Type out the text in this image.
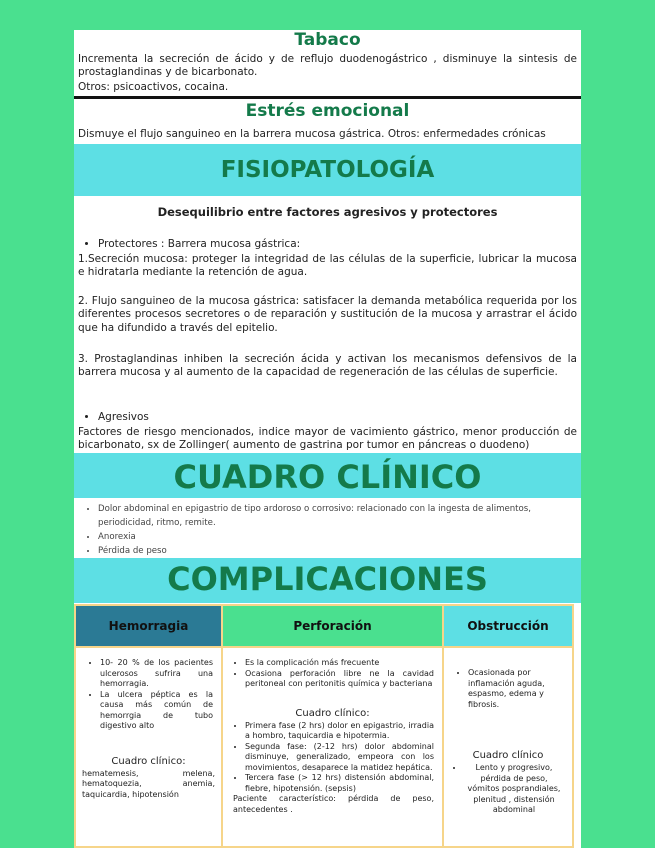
Tabaco

Incrementa la secreción de ácido y de reflujo duodenogástrico , disminuye la sintesis de prostaglandinas y de bicarbonato.

Otros: psicoactivos, cocaina.

Estrés emocional

Dismuye el flujo sanguineo en la barrera mucosa gástrica. Otros: enfermedades crónicas

FISIOPATOLOGÍA
Desequilibrio entre factores agresivos y protectores
• Protectores : Barrera mucosa gástrica:

1.Secreción mucosa: proteger la integridad de las células de la superficie, lubricar la mucosa e hidratarla mediante la retención de agua.

2. Flujo sanguineo de la mucosa gástrica: satisfacer la demanda metabólica requerida por los diferentes procesos secretores o de reparación y sustitución de la mucosa y arrastrar el ácido que ha difundido a través del epitelio.

3. Prostaglandinas inhiben la secreción ácida y activan los mecanismos defensivos de la barrera mucosa y al aumento de la capacidad de regeneración de las células de superficie.

• Agresivos

Factores de riesgo mencionados, indice mayor de vacimiento gástrico, menor producción de bicarbonato, sx de Zollinger( aumento de gastrina por tumor en páncreas o duodeno)

CUADRO CLÍNICO
• Dolor abdominal en epigastrio de tipo ardoroso o corrosivo: relacionado con la ingesta de alimentos, periodicidad, ritmo, remite.
• Anorexia
• Pérdida de peso
COMPLICACIONES
Hemorragia
• 10- 20 % de los pacientes ulcerosos sufrira una hemorragia.
• La ulcera péptica es la causa más común de hemorrgia de tubo digestivo alto
Cuadro clínico:
hematemesis, melena, hematoquezia, anemia, taquicardia, hipotensión
Perforación
• Es la complicación más frecuente
• Ocasiona perforación libre ne la cavidad peritoneal con peritonitis química y bacteriana
Cuadro clínico:
• Primera fase (2 hrs) dolor en epigastrio, irradia a hombro, taquicardia e hipotermia.
• Segunda fase: (2-12 hrs) dolor abdominal disminuye, generalizado, empeora con los movimientos, desaparece la matidez hepática.
• Tercera fase (> 12 hrs) distensión abdominal, fiebre, hipotensión. (sepsis)
Paciente característico: pérdida de peso, antecedentes .
Obstrucción
• Ocasionada por inflamación aguda, espasmo, edema y fibrosis.
Cuadro clínico
• Lento y progresivo, pérdida de peso, vómitos posprandiales, plenitud , distensión abdominal
